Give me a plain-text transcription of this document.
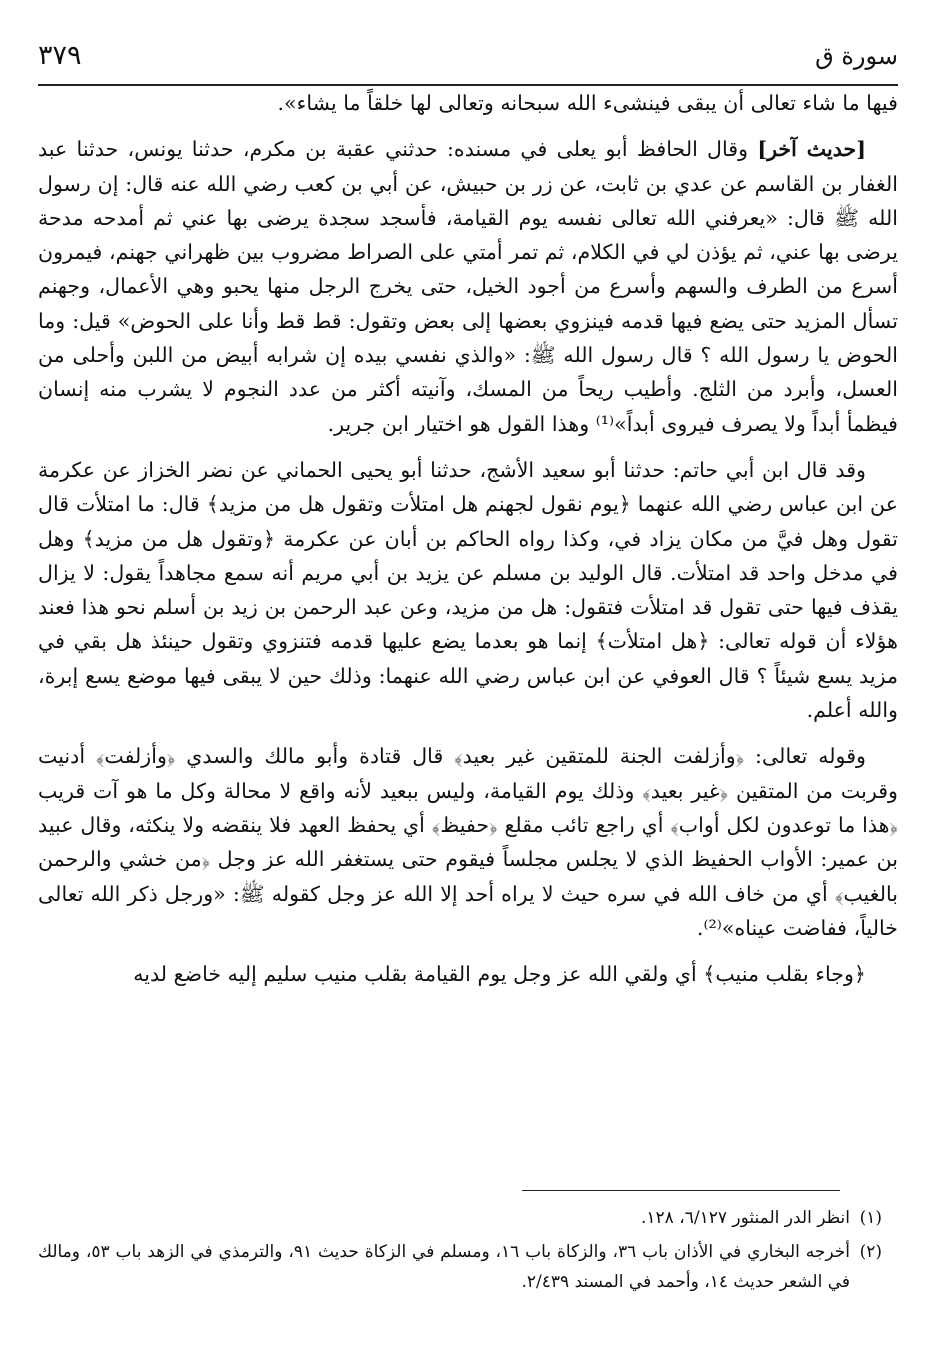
سورة ق
٣٧٩

فيها ما شاء تعالى أن يبقى فينشىء الله سبحانه وتعالى لها خلقاً ما يشاء».

[حديث آخر] وقال الحافظ أبو يعلى في مسنده: حدثني عقبة بن مكرم، حدثنا يونس، حدثنا عبد الغفار بن القاسم عن عدي بن ثابت، عن زر بن حبيش، عن أبي بن كعب رضي الله عنه قال: إن رسول الله ﷺ قال: «يعرفني الله تعالى نفسه يوم القيامة، فأسجد سجدة يرضى بها عني ثم أمدحه مدحة يرضى بها عني، ثم يؤذن لي في الكلام، ثم تمر أمتي على الصراط مضروب بين ظهراني جهنم، فيمرون أسرع من الطرف والسهم وأسرع من أجود الخيل، حتى يخرج الرجل منها يحبو وهي الأعمال، وجهنم تسأل المزيد حتى يضع فيها قدمه فينزوي بعضها إلى بعض وتقول: قط قط وأنا على الحوض» قيل: وما الحوض يا رسول الله ؟ قال رسول الله ﷺ: «والذي نفسي بيده إن شرابه أبيض من اللبن وأحلى من العسل، وأبرد من الثلج. وأطيب ريحاً من المسك، وآنيته أكثر من عدد النجوم لا يشرب منه إنسان فيظمأ أبداً ولا يصرف فيروى أبداً»⁽¹⁾ وهذا القول هو اختيار ابن جرير.

وقد قال ابن أبي حاتم: حدثنا أبو سعيد الأشج، حدثنا أبو يحيى الحماني عن نضر الخزاز عن عكرمة عن ابن عباس رضي الله عنهما ﴿يوم نقول لجهنم هل امتلأت وتقول هل من مزيد﴾ قال: ما امتلأت قال تقول وهل فيَّ من مكان يزاد في، وكذا رواه الحاكم بن أبان عن عكرمة ﴿وتقول هل من مزيد﴾ وهل في مدخل واحد قد امتلأت. قال الوليد بن مسلم عن يزيد بن أبي مريم أنه سمع مجاهداً يقول: لا يزال يقذف فيها حتى تقول قد امتلأت فتقول: هل من مزيد، وعن عبد الرحمن بن زيد بن أسلم نحو هذا فعند هؤلاء أن قوله تعالى: ﴿هل امتلأت﴾ إنما هو بعدما يضع عليها قدمه فتنزوي وتقول حينئذ هل بقي في مزيد يسع شيئاً ؟ قال العوفي عن ابن عباس رضي الله عنهما: وذلك حين لا يبقى فيها موضع يسع إبرة، والله أعلم.

وقوله تعالى: ﴿وأزلفت الجنة للمتقين غير بعيد﴾ قال قتادة وأبو مالك والسدي ﴿وأزلفت﴾ أدنيت وقربت من المتقين ﴿غير بعيد﴾ وذلك يوم القيامة، وليس ببعيد لأنه واقع لا محالة وكل ما هو آت قريب ﴿هذا ما توعدون لكل أواب﴾ أي راجع تائب مقلع ﴿حفيظ﴾ أي يحفظ العهد فلا ينقضه ولا ينكثه، وقال عبيد بن عمير: الأواب الحفيظ الذي لا يجلس مجلساً فيقوم حتى يستغفر الله عز وجل ﴿من خشي والرحمن بالغيب﴾ أي من خاف الله في سره حيث لا يراه أحد إلا الله عز وجل كقوله ﷺ: «ورجل ذكر الله تعالى خالياً، ففاضت عيناه»⁽²⁾.

﴿وجاء بقلب منيب﴾ أي ولقي الله عز وجل يوم القيامة بقلب منيب سليم إليه خاضع لديه

(١)
انظر الدر المنثور ٦/١٢٧، ١٢٨.
(٢)
أخرجه البخاري في الأذان باب ٣٦، والزكاة باب ١٦، ومسلم في الزكاة حديث ٩١، والترمذي في الزهد باب ٥٣، ومالك في الشعر حديث ١٤، وأحمد في المسند ٢/٤٣٩.
